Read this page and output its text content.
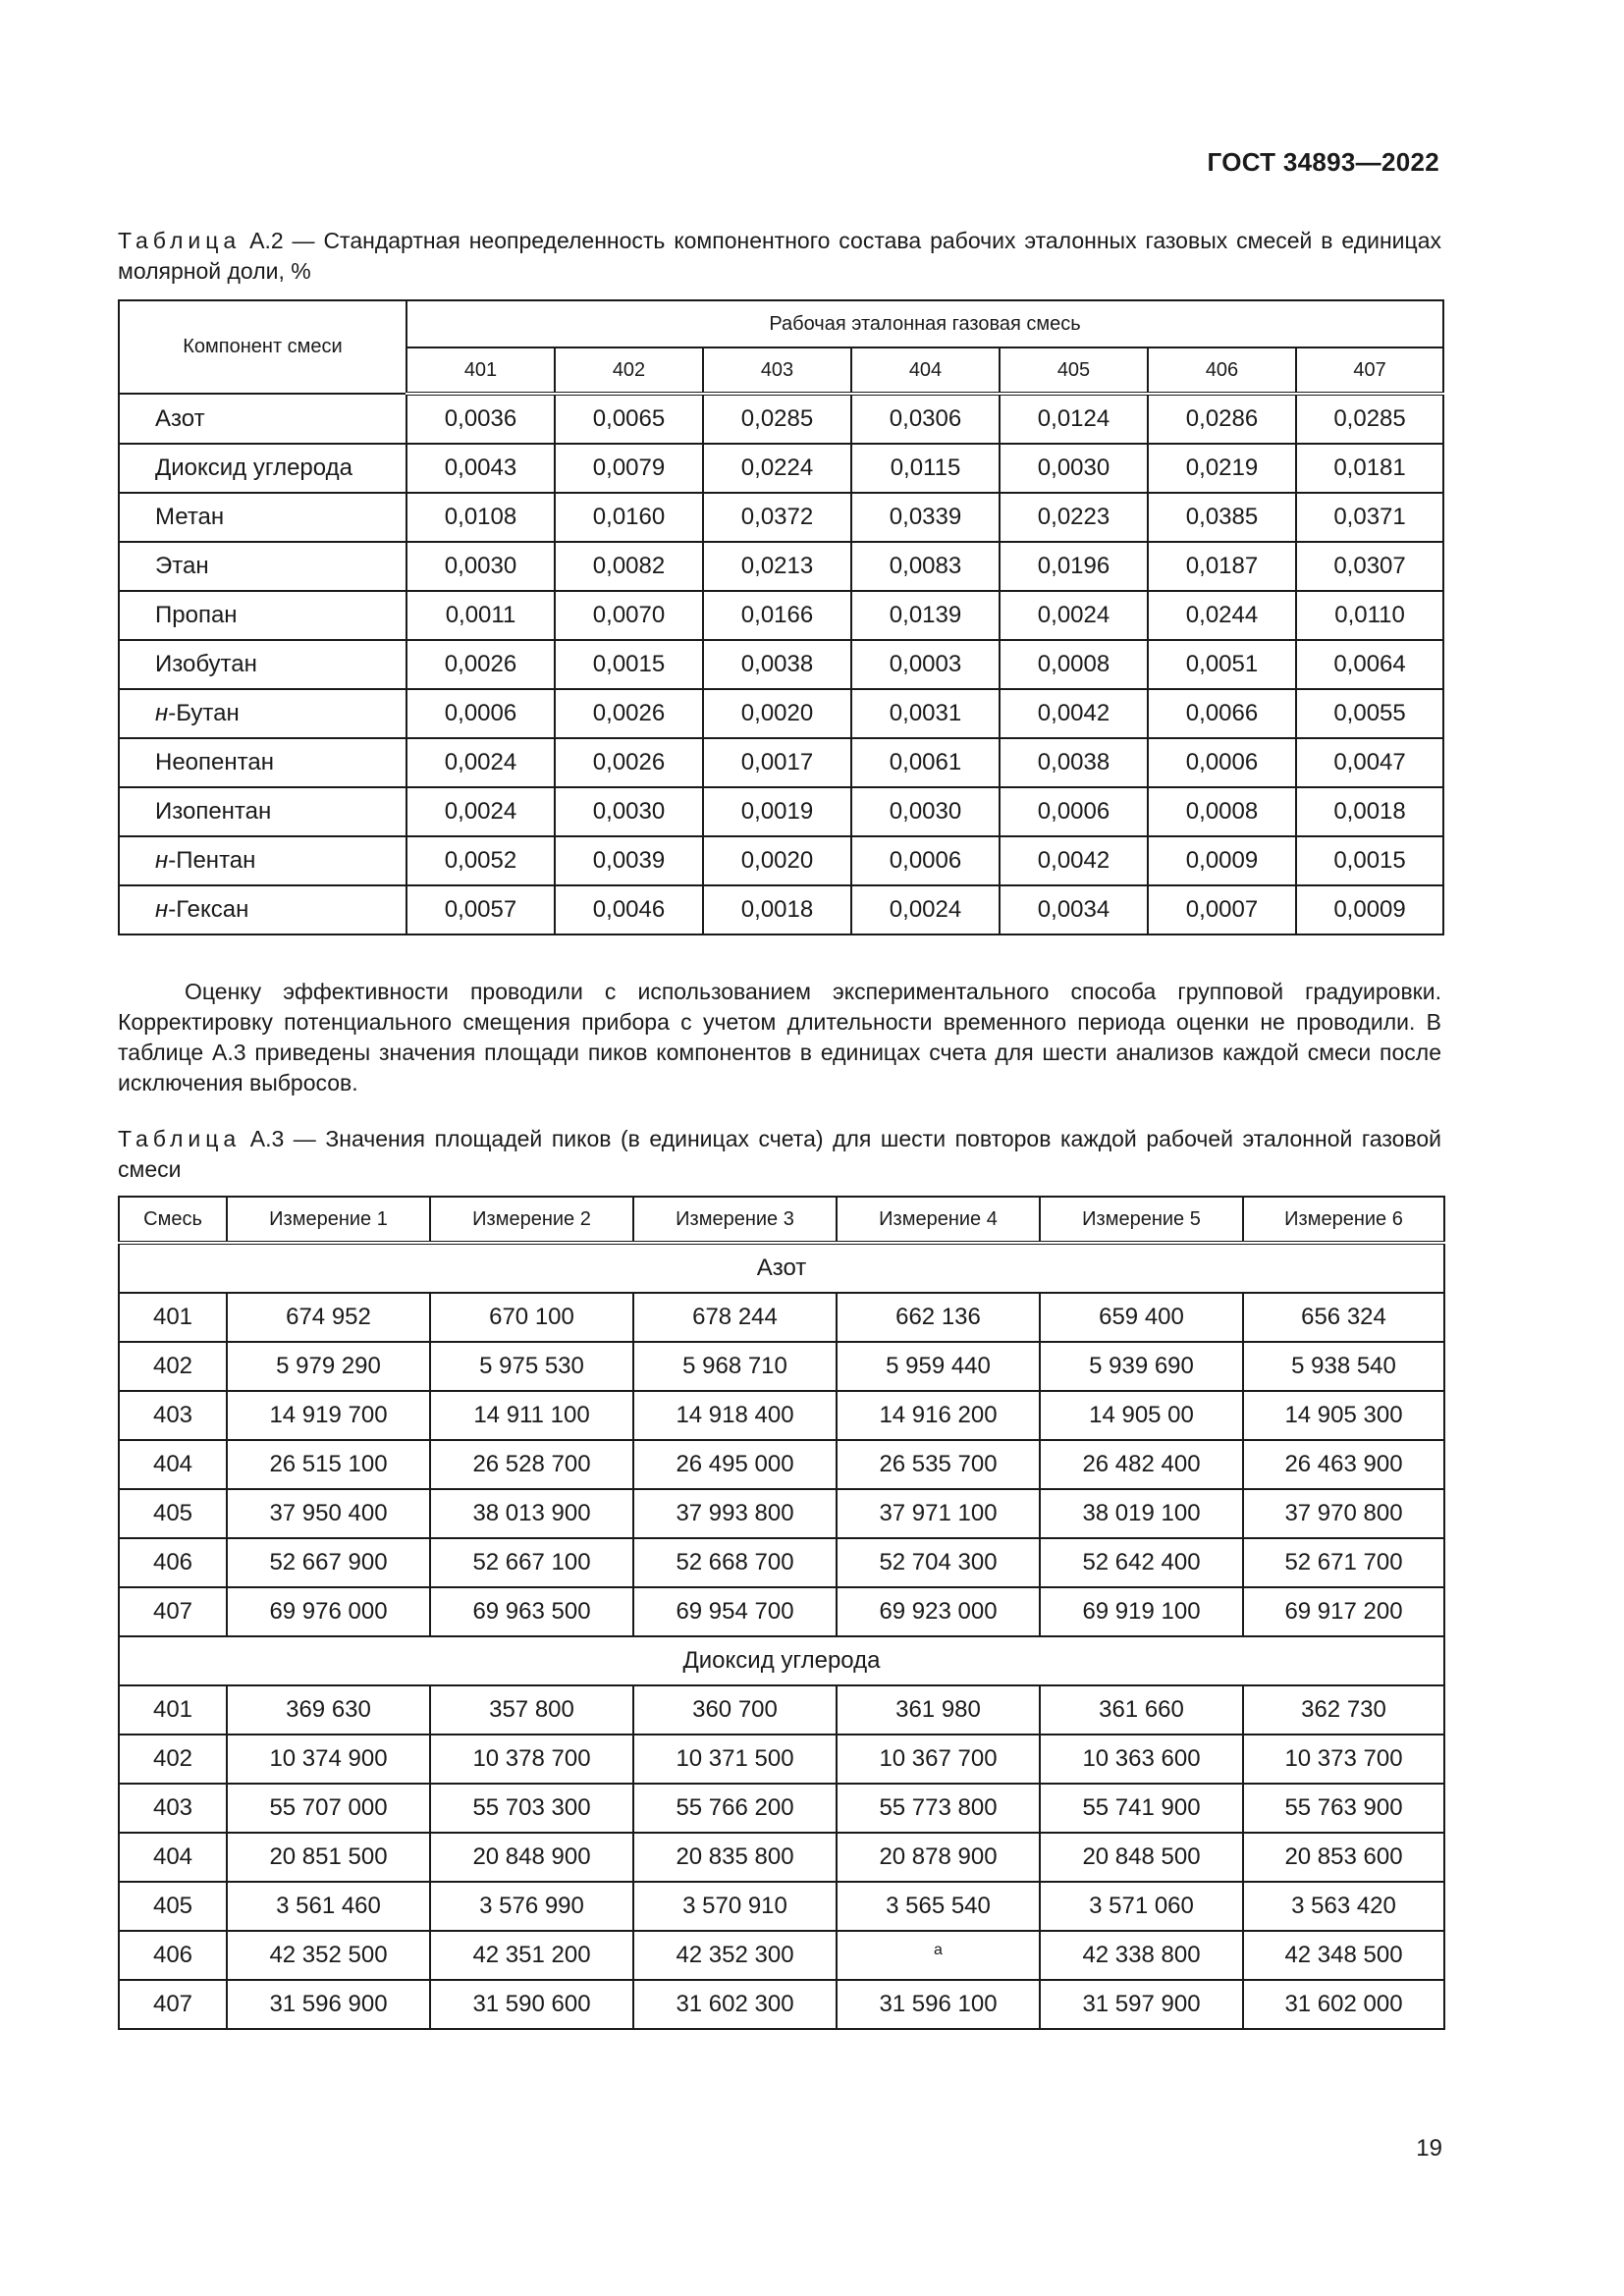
ГОСТ 34893—2022
Таблица А.2 — Стандартная неопределенность компонентного состава рабочих эталонных газовых смесей в единицах молярной доли, %
Компонент смеси	Рабочая эталонная газовая смесь						
	401	402	403	404	405	406	407
Азот	0,0036	0,0065	0,0285	0,0306	0,0124	0,0286	0,0285
Диоксид углерода	0,0043	0,0079	0,0224	0,0115	0,0030	0,0219	0,0181
Метан	0,0108	0,0160	0,0372	0,0339	0,0223	0,0385	0,0371
Этан	0,0030	0,0082	0,0213	0,0083	0,0196	0,0187	0,0307
Пропан	0,0011	0,0070	0,0166	0,0139	0,0024	0,0244	0,0110
Изобутан	0,0026	0,0015	0,0038	0,0003	0,0008	0,0051	0,0064
н-Бутан	0,0006	0,0026	0,0020	0,0031	0,0042	0,0066	0,0055
Неопентан	0,0024	0,0026	0,0017	0,0061	0,0038	0,0006	0,0047
Изопентан	0,0024	0,0030	0,0019	0,0030	0,0006	0,0008	0,0018
н-Пентан	0,0052	0,0039	0,0020	0,0006	0,0042	0,0009	0,0015
н-Гексан	0,0057	0,0046	0,0018	0,0024	0,0034	0,0007	0,0009

Оценку эффективности проводили с использованием экспериментального способа групповой градуировки. Корректировку потенциального смещения прибора с учетом длительности временного периода оценки не проводили. В таблице А.3 приведены значения площади пиков компонентов в единицах счета для шести анализов каждой смеси после исключения выбросов.

Таблица А.3 — Значения площадей пиков (в единицах счета) для шести повторов каждой рабочей эталонной газовой смеси
Смесь	Измерение 1	Измерение 2	Измерение 3	Измерение 4	Измерение 5	Измерение 6
Азот						
401	674 952	670 100	678 244	662 136	659 400	656 324
402	5 979 290	5 975 530	5 968 710	5 959 440	5 939 690	5 938 540
403	14 919 700	14 911 100	14 918 400	14 916 200	14 905 00	14 905 300
404	26 515 100	26 528 700	26 495 000	26 535 700	26 482 400	26 463 900
405	37 950 400	38 013 900	37 993 800	37 971 100	38 019 100	37 970 800
406	52 667 900	52 667 100	52 668 700	52 704 300	52 642 400	52 671 700
407	69 976 000	69 963 500	69 954 700	69 923 000	69 919 100	69 917 200
Диоксид углерода						
401	369 630	357 800	360 700	361 980	361 660	362 730
402	10 374 900	10 378 700	10 371 500	10 367 700	10 363 600	10 373 700
403	55 707 000	55 703 300	55 766 200	55 773 800	55 741 900	55 763 900
404	20 851 500	20 848 900	20 835 800	20 878 900	20 848 500	20 853 600
405	3 561 460	3 576 990	3 570 910	3 565 540	3 571 060	3 563 420
406	42 352 500	42 351 200	42 352 300	$^a$	42 338 800	42 348 500
407	31 596 900	31 590 600	31 602 300	31 596 100	31 597 900	31 602 000
19
